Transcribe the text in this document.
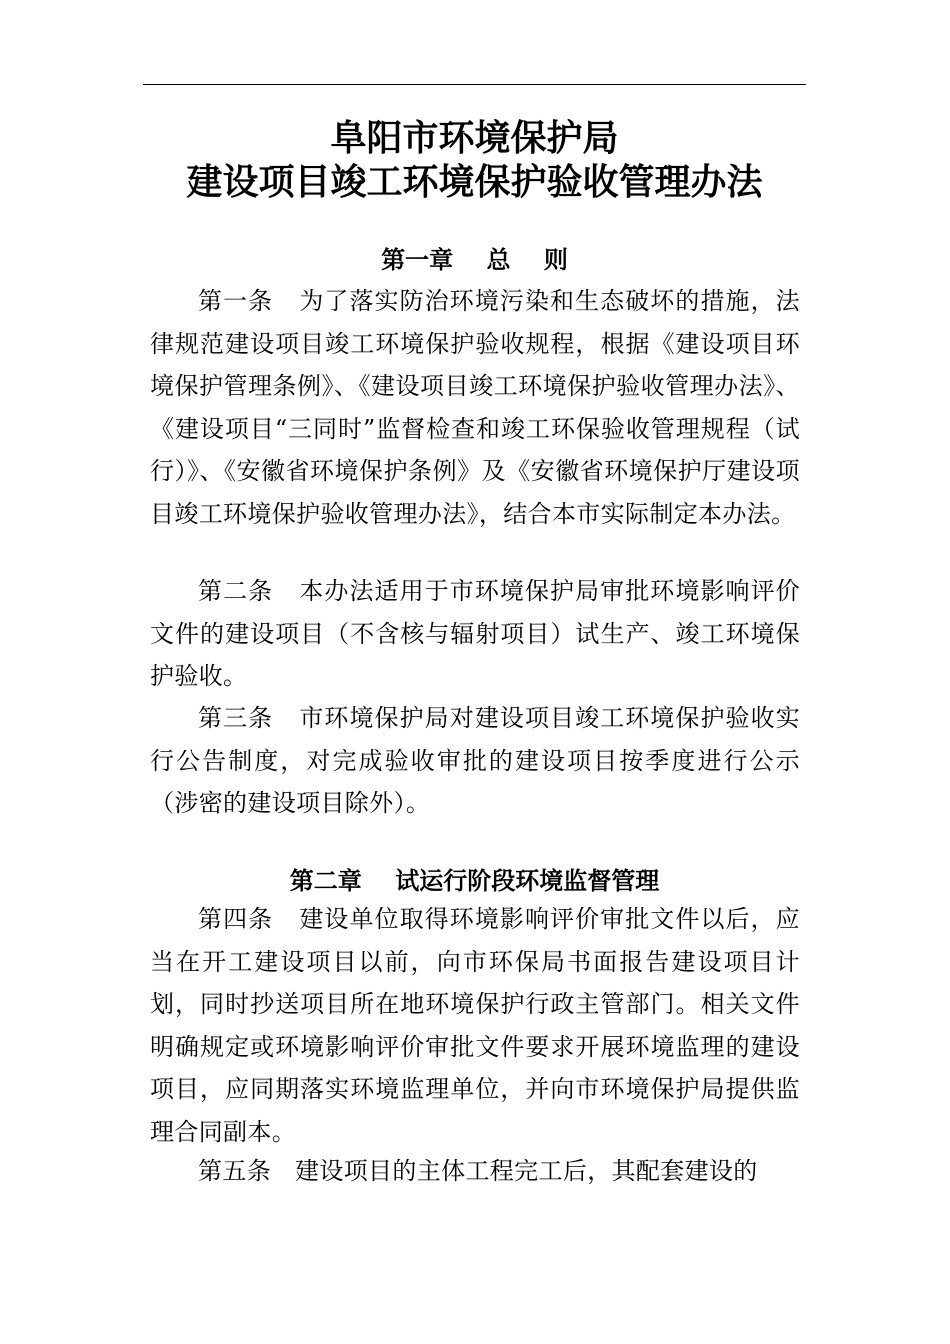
阜阳市环境保护局
建设项目竣工环境保护验收管理办法
第一章    总    则

第一条 为了落实防治环境污染和生态破坏的措施，法律规范建设项目竣工环境保护验收规程，根据《建设项目环境保护管理条例》、《建设项目竣工环境保护验收管理办法》、《建设项目“三同时”监督检查和竣工环保验收管理规程（试行）》、《安徽省环境保护条例》及《安徽省环境保护厅建设项目竣工环境保护验收管理办法》，结合本市实际制定本办法。

第二条 本办法适用于市环境保护局审批环境影响评价文件的建设项目（不含核与辐射项目）试生产、竣工环境保护验收。

第三条 市环境保护局对建设项目竣工环境保护验收实行公告制度，对完成验收审批的建设项目按季度进行公示（涉密的建设项目除外）。

第二章    试运行阶段环境监督管理

第四条 建设单位取得环境影响评价审批文件以后，应当在开工建设项目以前，向市环保局书面报告建设项目计划，同时抄送项目所在地环境保护行政主管部门。相关文件明确规定或环境影响评价审批文件要求开展环境监理的建设项目，应同期落实环境监理单位，并向市环境保护局提供监理合同副本。

第五条 建设项目的主体工程完工后，其配套建设的
